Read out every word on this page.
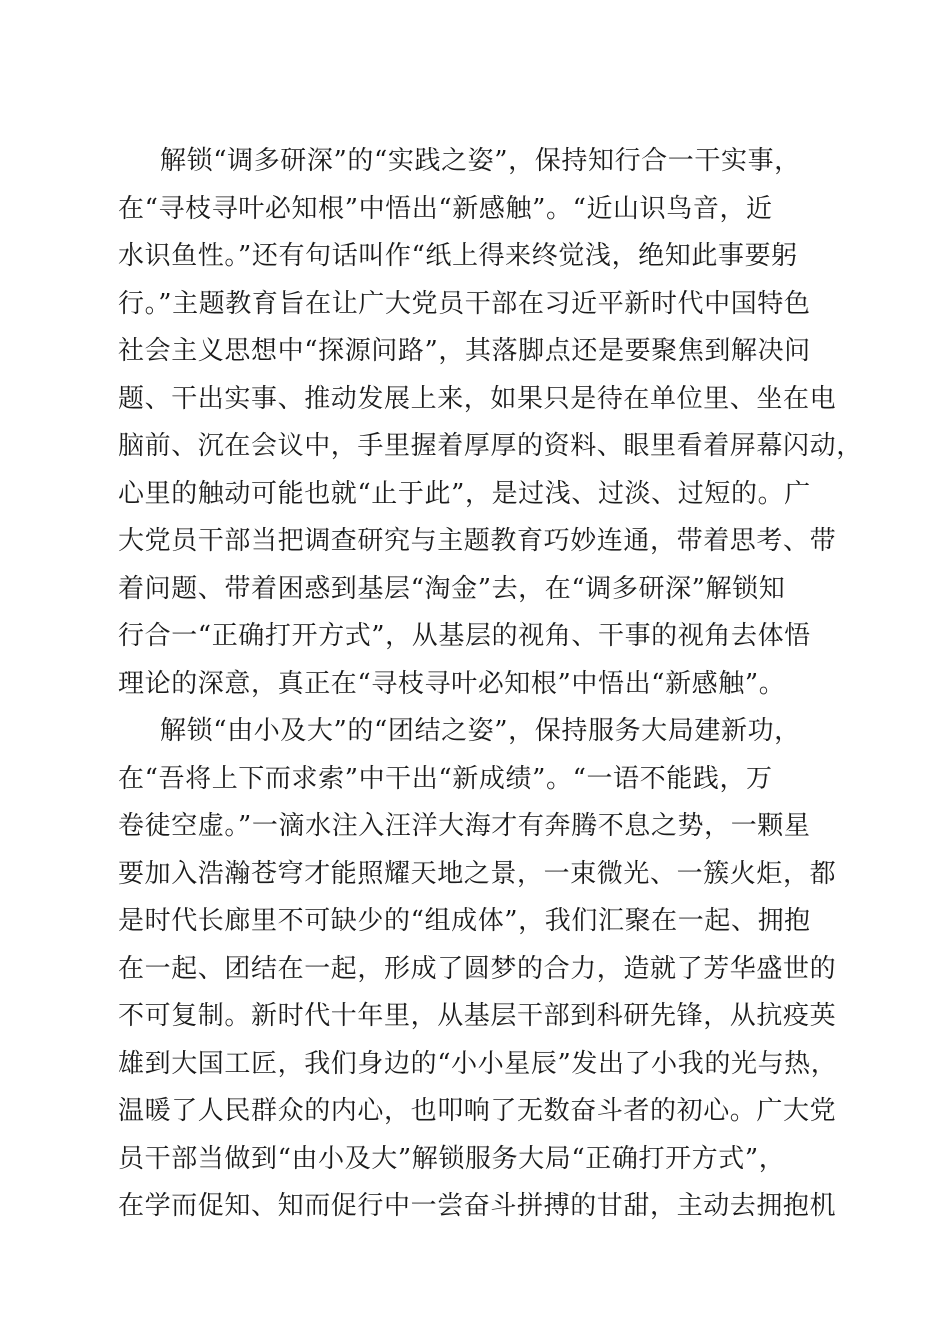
解锁“调多研深”的“实践之姿”，保持知行合一干实事，
在“寻枝寻叶必知根”中悟出“新感触”。“近山识鸟音，近
水识鱼性。”还有句话叫作“纸上得来终觉浅，绝知此事要躬
行。”主题教育旨在让广大党员干部在习近平新时代中国特色
社会主义思想中“探源问路”，其落脚点还是要聚焦到解决问
题、干出实事、推动发展上来，如果只是待在单位里、坐在电
脑前、沉在会议中，手里握着厚厚的资料、眼里看着屏幕闪动，
心里的触动可能也就“止于此”，是过浅、过淡、过短的。广
大党员干部当把调查研究与主题教育巧妙连通，带着思考、带
着问题、带着困惑到基层“淘金”去，在“调多研深”解锁知
行合一“正确打开方式”，从基层的视角、干事的视角去体悟
理论的深意，真正在“寻枝寻叶必知根”中悟出“新感触”。
解锁“由小及大”的“团结之姿”，保持服务大局建新功，
在“吾将上下而求索”中干出“新成绩”。“一语不能践，万
卷徒空虚。”一滴水注入汪洋大海才有奔腾不息之势，一颗星
要加入浩瀚苍穹才能照耀天地之景，一束微光、一簇火炬，都
是时代长廊里不可缺少的“组成体”，我们汇聚在一起、拥抱
在一起、团结在一起，形成了圆梦的合力，造就了芳华盛世的
不可复制。新时代十年里，从基层干部到科研先锋，从抗疫英
雄到大国工匠，我们身边的“小小星辰”发出了小我的光与热，
温暖了人民群众的内心，也叩响了无数奋斗者的初心。广大党
员干部当做到“由小及大”解锁服务大局“正确打开方式”，
在学而促知、知而促行中一尝奋斗拼搏的甘甜，主动去拥抱机
